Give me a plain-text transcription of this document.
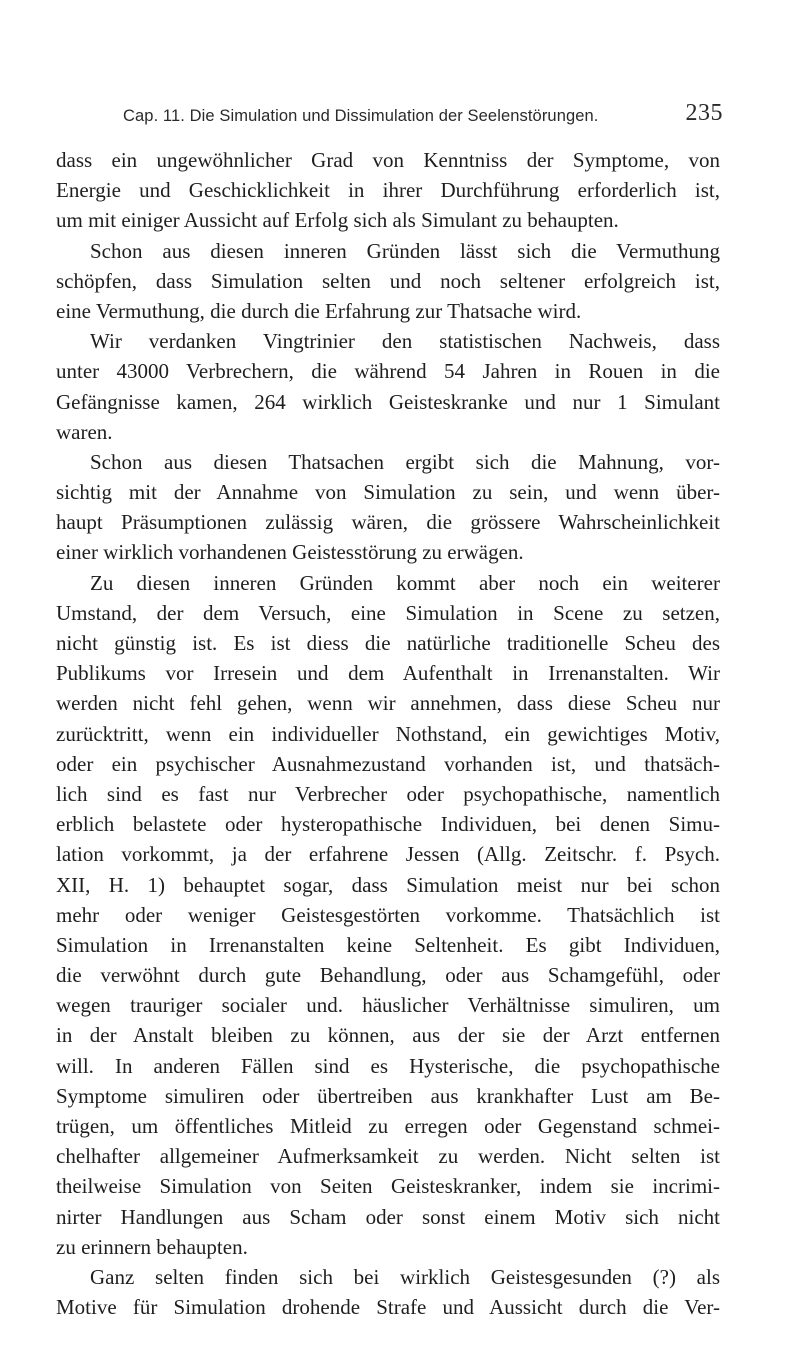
Cap. 11. Die Simulation und Dissimulation der Seelenstörungen.	235
dass ein ungewöhnlicher Grad von Kenntniss der Symptome, von
Energie und Geschicklichkeit in ihrer Durchführung erforderlich ist,
um mit einiger Aussicht auf Erfolg sich als Simulant zu behaupten.
Schon aus diesen inneren Gründen lässt sich die Vermuthung
schöpfen, dass Simulation selten und noch seltener erfolgreich ist,
eine Vermuthung, die durch die Erfahrung zur Thatsache wird.
Wir verdanken Vingtrinier den statistischen Nachweis, dass
unter 43000 Verbrechern, die während 54 Jahren in Rouen in die
Gefängnisse kamen, 264 wirklich Geisteskranke und nur 1 Simulant
waren.
Schon aus diesen Thatsachen ergibt sich die Mahnung, vor-
sichtig mit der Annahme von Simulation zu sein, und wenn über-
haupt Präsumptionen zulässig wären, die grössere Wahrscheinlichkeit
einer wirklich vorhandenen Geistesstörung zu erwägen.
Zu diesen inneren Gründen kommt aber noch ein weiterer
Umstand, der dem Versuch, eine Simulation in Scene zu setzen,
nicht günstig ist. Es ist diess die natürliche traditionelle Scheu des
Publikums vor Irresein und dem Aufenthalt in Irrenanstalten. Wir
werden nicht fehl gehen, wenn wir annehmen, dass diese Scheu nur
zurücktritt, wenn ein individueller Nothstand, ein gewichtiges Motiv,
oder ein psychischer Ausnahmezustand vorhanden ist, und thatsäch-
lich sind es fast nur Verbrecher oder psychopathische, namentlich
erblich belastete oder hysteropathische Individuen, bei denen Simu-
lation vorkommt, ja der erfahrene Jessen (Allg. Zeitschr. f. Psych.
XII, H. 1) behauptet sogar, dass Simulation meist nur bei schon
mehr oder weniger Geistesgestörten vorkomme. Thatsächlich ist
Simulation in Irrenanstalten keine Seltenheit. Es gibt Individuen,
die verwöhnt durch gute Behandlung, oder aus Schamgefühl, oder
wegen trauriger socialer und. häuslicher Verhältnisse simuliren, um
in der Anstalt bleiben zu können, aus der sie der Arzt entfernen
will. In anderen Fällen sind es Hysterische, die psychopathische
Symptome simuliren oder übertreiben aus krankhafter Lust am Be-
trügen, um öffentliches Mitleid zu erregen oder Gegenstand schmei-
chelhafter allgemeiner Aufmerksamkeit zu werden. Nicht selten ist
theilweise Simulation von Seiten Geisteskranker, indem sie incrimi-
nirter Handlungen aus Scham oder sonst einem Motiv sich nicht
zu erinnern behaupten.
Ganz selten finden sich bei wirklich Geistesgesunden (?) als
Motive für Simulation drohende Strafe und Aussicht durch die Ver-
